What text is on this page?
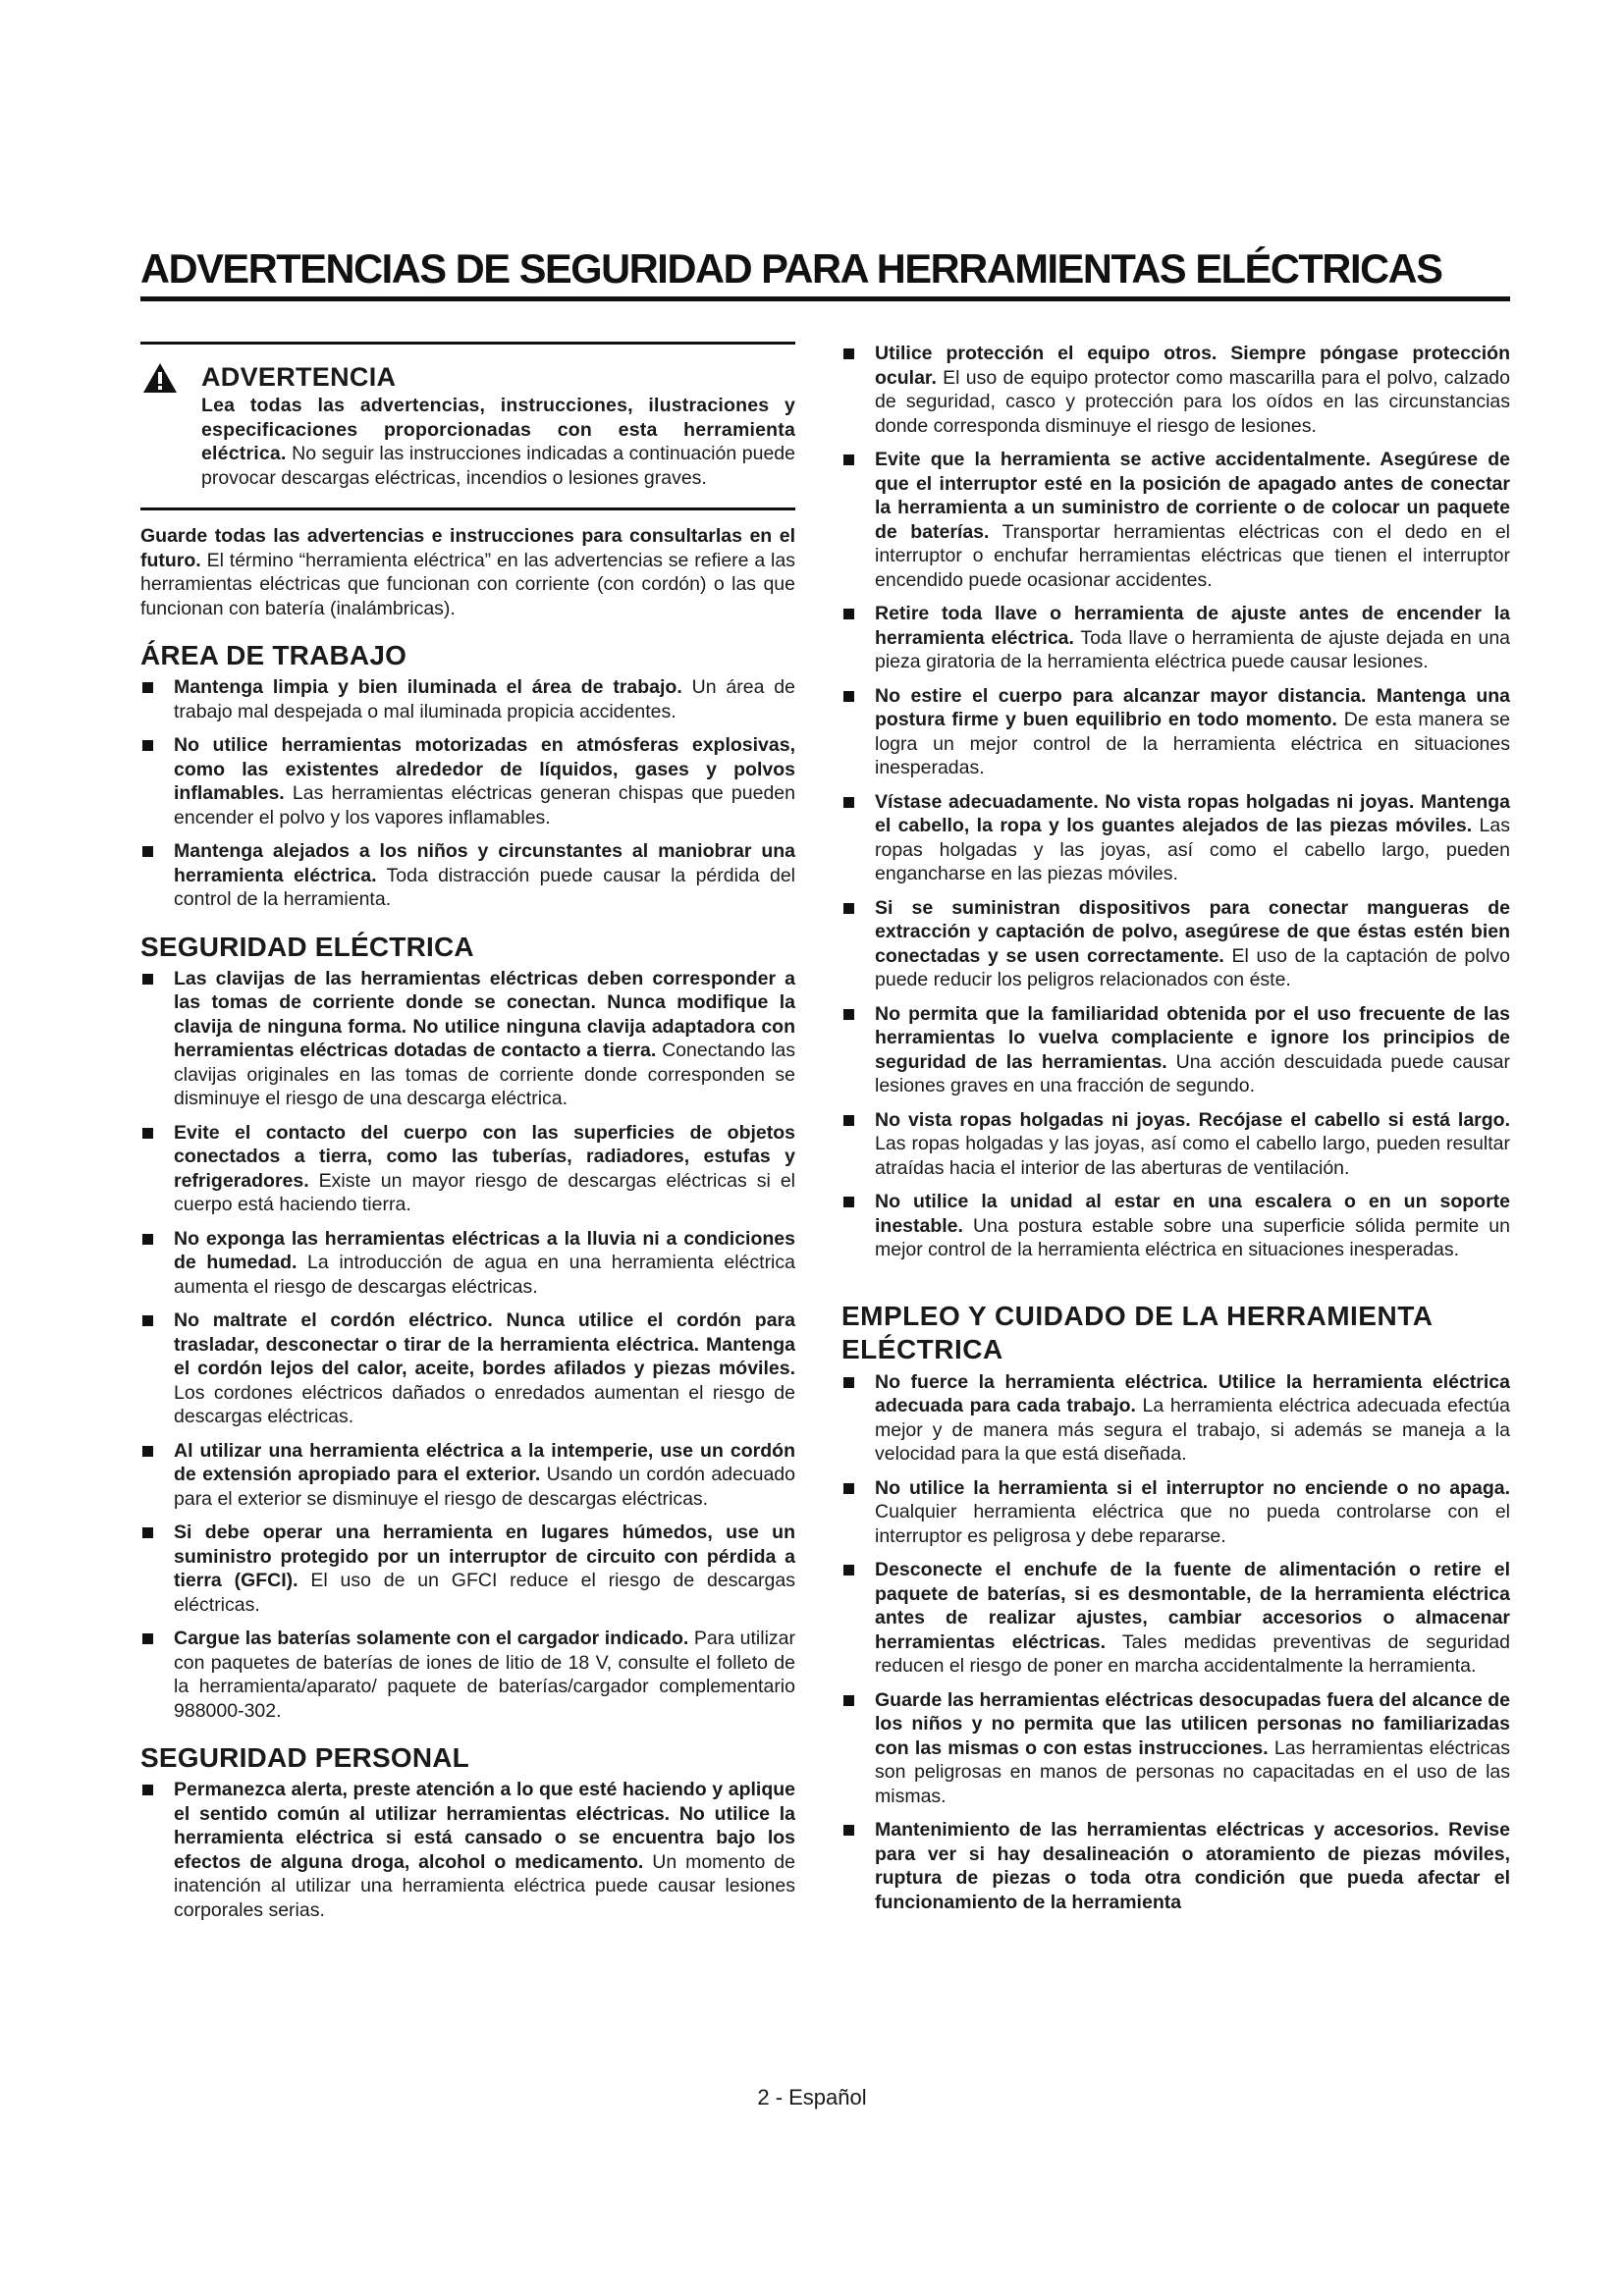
ADVERTENCIAS DE SEGURIDAD PARA HERRAMIENTAS ELÉCTRICAS
ADVERTENCIA
Lea todas las advertencias, instrucciones, ilustraciones y especificaciones proporcionadas con esta herramienta eléctrica. No seguir las instrucciones indicadas a continuación puede provocar descargas eléctricas, incendios o lesiones graves.
Guarde todas las advertencias e instrucciones para consultarlas en el futuro. El término “herramienta eléctrica” en las advertencias se refiere a las herramientas eléctricas que funcionan con corriente (con cordón) o las que funcionan con batería (inalámbricas).
ÁREA DE TRABAJO
Mantenga limpia y bien iluminada el área de trabajo. Un área de trabajo mal despejada o mal iluminada propicia accidentes.
No utilice herramientas motorizadas en atmósferas explosivas, como las existentes alrededor de líquidos, gases y polvos inflamables. Las herramientas eléctricas generan chispas que pueden encender el polvo y los vapores inflamables.
Mantenga alejados a los niños y circunstantes al maniobrar una herramienta eléctrica. Toda distracción puede causar la pérdida del control de la herramienta.
SEGURIDAD ELÉCTRICA
Las clavijas de las herramientas eléctricas deben corresponder a las tomas de corriente donde se conectan. Nunca modifique la clavija de ninguna forma. No utilice ninguna clavija adaptadora con herramientas eléctricas dotadas de contacto a tierra. Conectando las clavijas originales en las tomas de corriente donde corresponden se disminuye el riesgo de una descarga eléctrica.
Evite el contacto del cuerpo con las superficies de objetos conectados a tierra, como las tuberías, radiadores, estufas y refrigeradores. Existe un mayor riesgo de descargas eléctricas si el cuerpo está haciendo tierra.
No exponga las herramientas eléctricas a la lluvia ni a condiciones de humedad. La introducción de agua en una herramienta eléctrica aumenta el riesgo de descargas eléctricas.
No maltrate el cordón eléctrico. Nunca utilice el cordón para trasladar, desconectar o tirar de la herramienta eléctrica. Mantenga el cordón lejos del calor, aceite, bordes afilados y piezas móviles. Los cordones eléctricos dañados o enredados aumentan el riesgo de descargas eléctricas.
Al utilizar una herramienta eléctrica a la intemperie, use un cordón de extensión apropiado para el exterior. Usando un cordón adecuado para el exterior se disminuye el riesgo de descargas eléctricas.
Si debe operar una herramienta en lugares húmedos, use un suministro protegido por un interruptor de circuito con pérdida a tierra (GFCI). El uso de un GFCI reduce el riesgo de descargas eléctricas.
Cargue las baterías solamente con el cargador indicado. Para utilizar con paquetes de baterías de iones de litio de 18 V, consulte el folleto de la herramienta/aparato/ paquete de baterías/cargador complementario 988000-302.
SEGURIDAD PERSONAL
Permanezca alerta, preste atención a lo que esté haciendo y aplique el sentido común al utilizar herramientas eléctricas. No utilice la herramienta eléctrica si está cansado o se encuentra bajo los efectos de alguna droga, alcohol o medicamento. Un momento de inatención al utilizar una herramienta eléctrica puede causar lesiones corporales serias.
Utilice protección el equipo otros. Siempre póngase protección ocular. El uso de equipo protector como mascarilla para el polvo, calzado de seguridad, casco y protección para los oídos en las circunstancias donde corresponda disminuye el riesgo de lesiones.
Evite que la herramienta se active accidentalmente. Asegúrese de que el interruptor esté en la posición de apagado antes de conectar la herramienta a un suministro de corriente o de colocar un paquete de baterías. Transportar herramientas eléctricas con el dedo en el interruptor o enchufar herramientas eléctricas que tienen el interruptor encendido puede ocasionar accidentes.
Retire toda llave o herramienta de ajuste antes de encender la herramienta eléctrica. Toda llave o herramienta de ajuste dejada en una pieza giratoria de la herramienta eléctrica puede causar lesiones.
No estire el cuerpo para alcanzar mayor distancia. Mantenga una postura firme y buen equilibrio en todo momento. De esta manera se logra un mejor control de la herramienta eléctrica en situaciones inesperadas.
Vístase adecuadamente. No vista ropas holgadas ni joyas. Mantenga el cabello, la ropa y los guantes alejados de las piezas móviles. Las ropas holgadas y las joyas, así como el cabello largo, pueden engancharse en las piezas móviles.
Si se suministran dispositivos para conectar mangueras de extracción y captación de polvo, asegúrese de que éstas estén bien conectadas y se usen correctamente. El uso de la captación de polvo puede reducir los peligros relacionados con éste.
No permita que la familiaridad obtenida por el uso frecuente de las herramientas lo vuelva complaciente e ignore los principios de seguridad de las herramientas. Una acción descuidada puede causar lesiones graves en una fracción de segundo.
No vista ropas holgadas ni joyas. Recójase el cabello si está largo. Las ropas holgadas y las joyas, así como el cabello largo, pueden resultar atraídas hacia el interior de las aberturas de ventilación.
No utilice la unidad al estar en una escalera o en un soporte inestable. Una postura estable sobre una superficie sólida permite un mejor control de la herramienta eléctrica en situaciones inesperadas.
EMPLEO Y CUIDADO DE LA HERRAMIENTA ELÉCTRICA
No fuerce la herramienta eléctrica. Utilice la herramienta eléctrica adecuada para cada trabajo. La herramienta eléctrica adecuada efectúa mejor y de manera más segura el trabajo, si además se maneja a la velocidad para la que está diseñada.
No utilice la herramienta si el interruptor no enciende o no apaga. Cualquier herramienta eléctrica que no pueda controlarse con el interruptor es peligrosa y debe repararse.
Desconecte el enchufe de la fuente de alimentación o retire el paquete de baterías, si es desmontable, de la herramienta eléctrica antes de realizar ajustes, cambiar accesorios o almacenar herramientas eléctricas. Tales medidas preventivas de seguridad reducen el riesgo de poner en marcha accidentalmente la herramienta.
Guarde las herramientas eléctricas desocupadas fuera del alcance de los niños y no permita que las utilicen personas no familiarizadas con las mismas o con estas instrucciones. Las herramientas eléctricas son peligrosas en manos de personas no capacitadas en el uso de las mismas.
Mantenimiento de las herramientas eléctricas y accesorios. Revise para ver si hay desalineación o atoramiento de piezas móviles, ruptura de piezas o toda otra condición que pueda afectar el funcionamiento de la herramienta
2 - Español
